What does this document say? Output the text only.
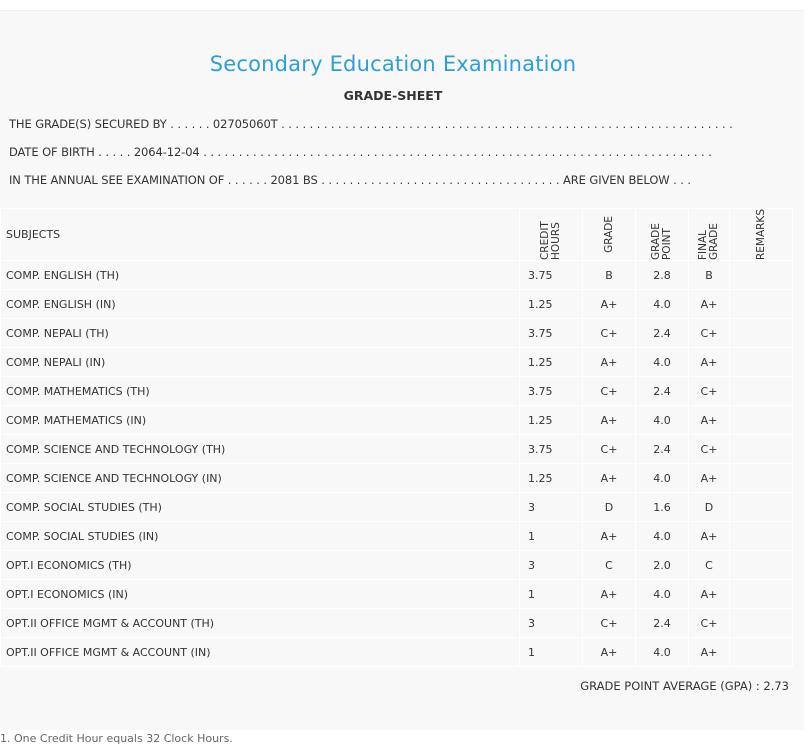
Secondary Education Examination
GRADE-SHEET
THE GRADE(S) SECURED BY . . . . . . 02705060T . . . . . . . . . . . . . . . . . . . . . . . . . . . . . . . . . . . . . . . . . . . . . . . . . . . . . . . . . . . . . . . .
DATE OF BIRTH . . . . . 2064-12-04 . . . . . . . . . . . . . . . . . . . . . . . . . . . . . . . . . . . . . . . . . . . . . . . . . . . . . . . . . . . . . . . . . . . . . . . .
IN THE ANNUAL SEE EXAMINATION OF . . . . . . 2081 BS . . . . . . . . . . . . . . . . . . . . . . . . . . . . . . . . . . ARE GIVEN BELOW . . .
SUBJECTS	CREDIT HOURS	GRADE	GRADE POINT	FINAL GRADE	REMARKS

COMP. ENGLISH (TH)	3.75	B	2.8	B	
COMP. ENGLISH (IN)	1.25	A+	4.0	A+	
COMP. NEPALI (TH)	3.75	C+	2.4	C+	
COMP. NEPALI (IN)	1.25	A+	4.0	A+	
COMP. MATHEMATICS (TH)	3.75	C+	2.4	C+	
COMP. MATHEMATICS (IN)	1.25	A+	4.0	A+	
COMP. SCIENCE AND TECHNOLOGY (TH)	3.75	C+	2.4	C+	
COMP. SCIENCE AND TECHNOLOGY (IN)	1.25	A+	4.0	A+	
COMP. SOCIAL STUDIES (TH)	3	D	1.6	D	
COMP. SOCIAL STUDIES (IN)	1	A+	4.0	A+	
OPT.I ECONOMICS (TH)	3	C	2.0	C	
OPT.I ECONOMICS (IN)	1	A+	4.0	A+	
OPT.II OFFICE MGMT & ACCOUNT (TH)	3	C+	2.4	C+	
OPT.II OFFICE MGMT & ACCOUNT (IN)	1	A+	4.0	A+	
GRADE POINT AVERAGE (GPA) : 2.73
1. One Credit Hour equals 32 Clock Hours.
